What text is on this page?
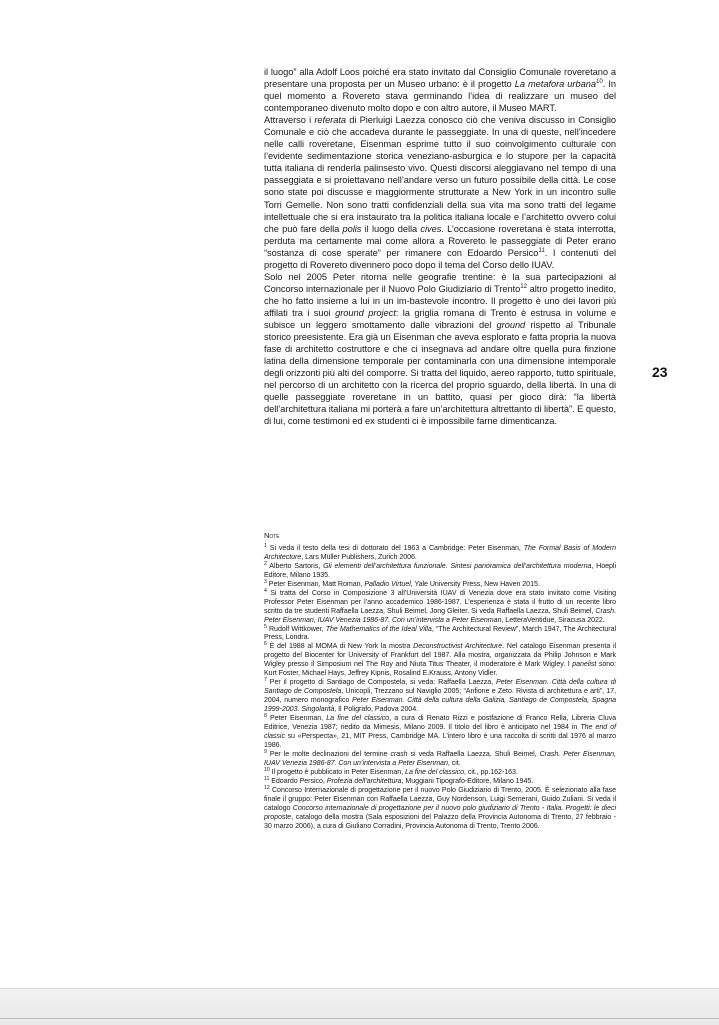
il luogo” alla Adolf Loos poiché era stato invitato dal Consiglio Comunale roveretano a presentare una proposta per un Museo urbano: è il progetto La metafora urbana$^{10}$. In quel momento a Rovereto stava germinando l’idea di realizzare un museo del contemporaneo divenuto molto dopo e con altro autore, il Museo MART.

Attraverso i referata di Pierluigi Laezza conosco ciò che veniva discusso in Consiglio Comunale e ciò che accadeva durante le passeggiate. In una di queste, nell’incedere nelle calli roveretane, Eisenman esprime tutto il suo coinvolgimento culturale con l’evidente sedimentazione storica veneziano-asburgica e lo stupore per la capacità tutta italiana di renderla palinsesto vivo. Questi discorsi aleggiavano nel tempo di una passeggiata e si proiettavano nell’andare verso un futuro possibile della città. Le cose sono state poi discusse e maggiormente strutturate a New York in un incontro sulle Torri Gemelle. Non sono tratti confidenziali della sua vita ma sono tratti del legame intellettuale che si era instaurato tra la politica italiana locale e l’architetto ovvero colui che può fare della polis il luogo della cives. L’occasione roveretana è stata interrotta, perduta ma certamente mai come allora a Rovereto le passeggiate di Peter erano “sostanza di cose sperate” per rimanere con Edoardo Persico$^{11}$. I contenuti del progetto di Rovereto divennero poco dopo il tema del Corso dello IUAV.

Solo nel 2005 Peter ritorna nelle geografie trentine: è la sua partecipazioni al Concorso internazionale per il Nuovo Polo Giudiziario di Trento$^{12}$ altro progetto inedito, che ho fatto insieme a lui in un im-bastevole incontro. Il progetto è uno dei lavori più affilati tra i suoi ground project: la griglia romana di Trento è estrusa in volume e subisce un leggero smottamento dalle vibrazioni del ground rispetto al Tribunale storico preesistente. Era già un Eisenman che aveva esplorato e fatta propria la nuova fase di architetto costruttore e che ci insegnava ad andare oltre quella pura finzione latina della dimensione temporale per contaminarla con una dimensione intemporale degli orizzonti più alti del comporre. Si tratta del liquido, aereo rapporto, tutto spirituale, nel percorso di un architetto con la ricerca del proprio sguardo, della libertà. In una di quelle passeggiate roveretane in un battito, quasi per gioco dirà: “la libertà dell’architettura italiana mi porterà a fare un’architettura altrettanto di libertà”. E questo, di lui, come testimoni ed ex studenti ci è impossibile farne dimenticanza.

23
Note

$^1$ Si veda il testo della tesi di dottorato del 1963 a Cambridge: Peter Eisenman, The Formal Basis of Modern Architecture, Lars Müller Publishers, Zurich 2006.

$^2$ Alberto Sartoris, Gli elementi dell’architettura funzionale. Sintesi panoramica dell’architettura moderna, Hoepli Editore, Milano 1935.

$^3$ Peter Eisenman, Matt Roman, Palladio Virtuel, Yale University Press, New Haven 2015.

$^4$ Si tratta del Corso in Composizione 3 all’Università IUAV di Venezia dove era stato invitato come Visiting Professor Peter Eisenman per l’anno accademico 1986-1987. L’esperienza è stata il frutto di un recente libro scritto da tre studenti Raffaella Laezza, Shuli Beimel, Jong Gleiter. Si veda Raffaella Laezza, Shuli Beimel, Crash. Peter Eisenman, IUAV Venezia 1986-87. Con un’intervista a Peter Eisenman, LetteraVentidue, Siracusa 2022.

$^5$ Rudolf Wittkower, The Mathematics of the Ideal Villa, “The Architectural Review”, March 1947, The Architectural Press, Londra.

$^6$ È del 1988 al MOMA di New York la mostra Deconstructivist Architecture. Nel catalogo Eisenman presenta il progetto del Biocenter for University of Frankfurt del 1987. Alla mostra, organizzata da Philip Johnson e Mark Wigley presso il Simposium nel The Roy and Niuta Titus Theater, il moderatore è Mark Wigley. I panelist sono: Kurt Foster, Michael Hays, Jeffrey Kipnis, Rosalind E.Krauss, Antony Vidler.

$^7$ Per il progetto di Santiago de Compostela, si veda: Raffaella Laezza, Peter Eisenman. Città della cultura di Santiago de Compostela, Unicopli, Trezzano sul Naviglio 2005; “Anfione e Zeto. Rivista di architettura e arti”, 17, 2004, numero monografico Peter Eisenman. Città della cultura della Galizia, Santiago de Compostela, Spagna 1999-2003. Singolarità, Il Poligrafo, Padova 2004.

$^8$ Peter Eisenman, La fine del classico, a cura di Renato Rizzi e postfazione di Franco Rella, Libreria Cluva Editrice, Venezia 1987; riedito da Mimesis, Milano 2009. Il titolo del libro è anticipato nel 1984 in The end of classic su «Perspecta», 21, MIT Press, Cambridge MA. L’intero libro è una raccolta di scritti dal 1976 al marzo 1986.

$^9$ Per le molte declinazioni del termine crash si veda Raffaella Laezza, Shuli Beimel, Crash. Peter Eisenman, IUAV Venezia 1986-87. Con un’intervista a Peter Eisenman, cit.

$^{10}$ Il progetto è pubblicato in Peter Eisenman, La fine del classico, cit., pp.162-163.

$^{11}$ Edoardo Persico, Profezia dell’architettura, Muggiani Tipografo-Editore, Milano 1945.

$^{12}$ Concorso Internazionale di progettazione per il nuovo Polo Giudiziario di Trento, 2005. È selezionato alla fase finale il gruppo: Peter Eisenman con Raffaella Laezza, Guy Nordenson, Luigi Semerani, Guido Zuliani. Si veda il catalogo Concorso internazionale di progettazione per il nuovo polo giudiziario di Trento - Italia. Progetti: le dieci proposte, catalogo della mostra (Sala esposizioni del Palazzo della Provincia Autonoma di Trento, 27 febbraio - 30 marzo 2006), a cura di Giuliano Corradini, Provincia Autonoma di Trento, Trento 2006.
